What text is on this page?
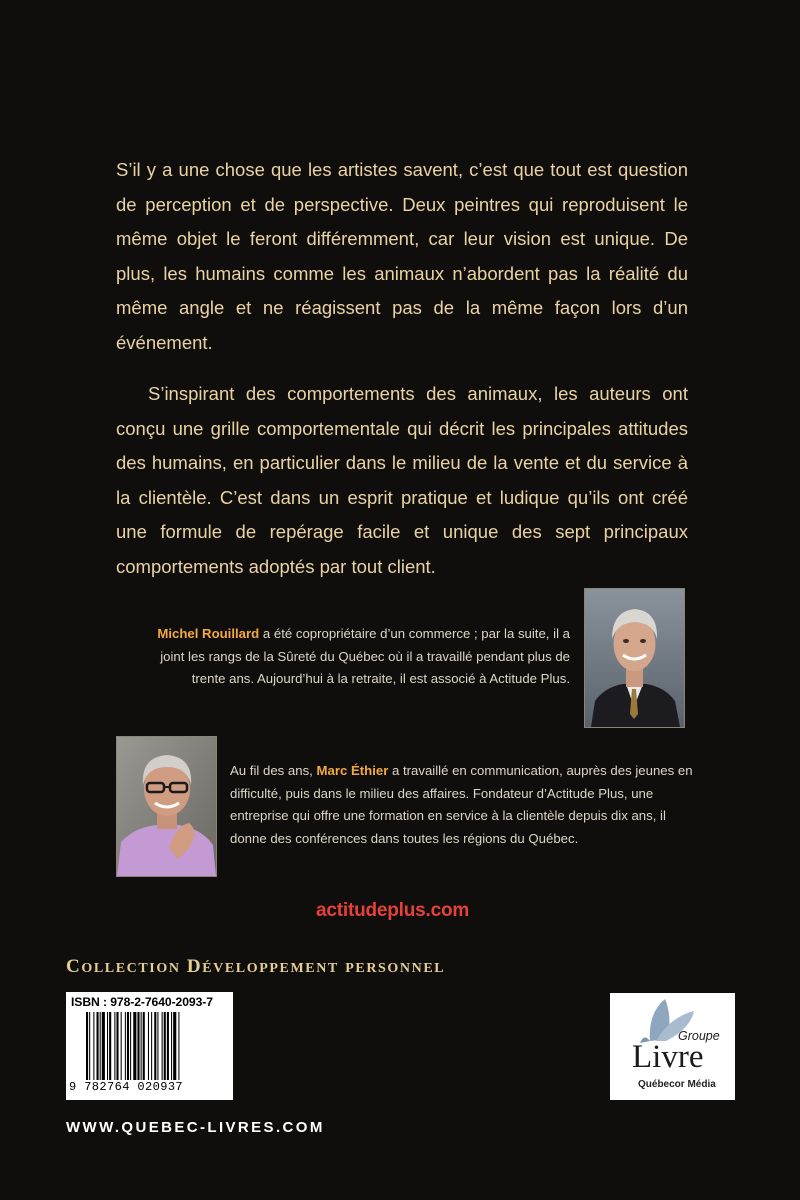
S’il y a une chose que les artistes savent, c’est que tout est question de perception et de perspective. Deux peintres qui reproduisent le même objet le feront différemment, car leur vision est unique. De plus, les humains comme les animaux n’abordent pas la réalité du même angle et ne réagissent pas de la même façon lors d’un événement.

S’inspirant des comportements des animaux, les auteurs ont conçu une grille comportementale qui décrit les principales attitudes des humains, en particulier dans le milieu de la vente et du service à la clientèle. C’est dans un esprit pratique et ludique qu’ils ont créé une formule de repérage facile et unique des sept principaux comportements adoptés par tout client.

Michel Rouillard a été copropriétaire d’un commerce ; par la suite, il a joint les rangs de la Sûreté du Québec où il a travaillé pendant plus de trente ans. Aujourd’hui à la retraite, il est associé à Actitude Plus.

Au fil des ans, Marc Éthier a travaillé en communication, auprès des jeunes en difficulté, puis dans le milieu des affaires. Fondateur d’Actitude Plus, une entreprise qui offre une formation en service à la clientèle depuis dix ans, il donne des conférences dans toutes les régions du Québec.

actitudeplus.com
COLLECTION DÉVELOPPEMENT PERSONNEL
ISBN : 978-2-7640-2093-7
9 782764 020937
Groupe
Livre
Québecor Média
WWW.QUEBEC-LIVRES.COM
